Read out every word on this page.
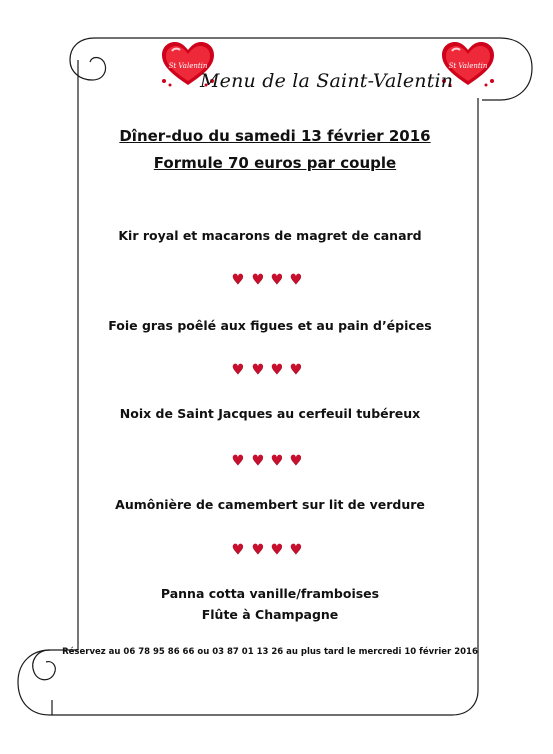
St Valentin	St Valentin
Menu de la Saint-Valentin
Dîner-duo du samedi 13 février 2016
Formule 70 euros par couple
Kir royal et macarons de magret de canard
♥♥♥♥
Foie gras poêlé aux figues et au pain d’épices
♥♥♥♥
Noix de Saint Jacques au cerfeuil tubéreux
♥♥♥♥
Aumônière de camembert sur lit de verdure
♥♥♥♥
Panna cotta vanille/framboises
Flûte à Champagne
Réservez au 06 78 95 86 66 ou 03 87 01 13 26 au plus tard le mercredi 10 février 2016
